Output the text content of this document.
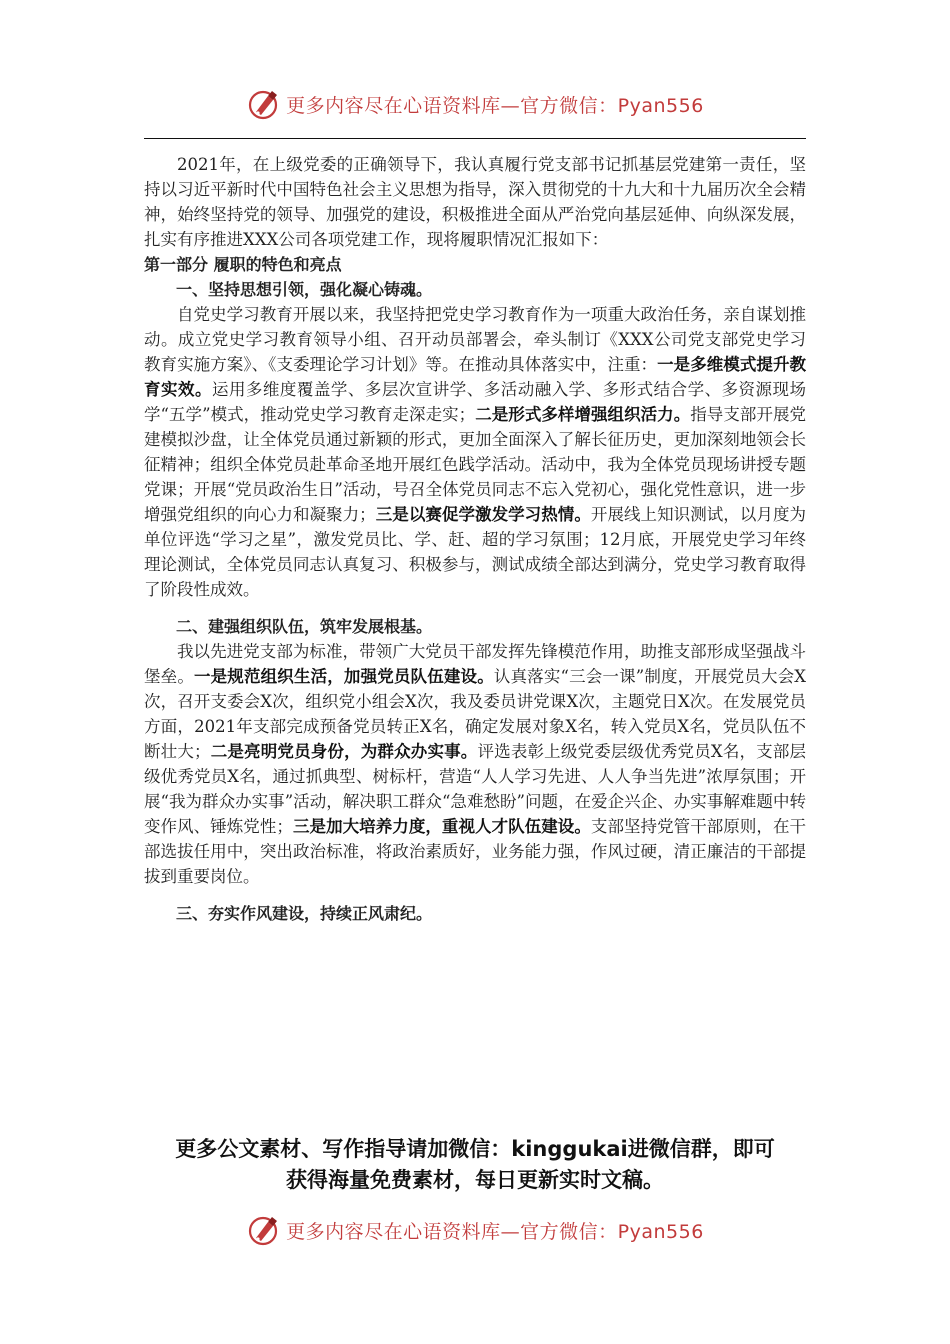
更多内容尽在心语资料库—官方微信：Pyan556

2021年，在上级党委的正确领导下，我认真履行党支部书记抓基层党建第一责任，坚持以习近平新时代中国特色社会主义思想为指导，深入贯彻党的十九大和十九届历次全会精神，始终坚持党的领导、加强党的建设，积极推进全面从严治党向基层延伸、向纵深发展，扎实有序推进XXX公司各项党建工作，现将履职情况汇报如下：

第一部分 履职的特色和亮点

一、坚持思想引领，强化凝心铸魂。

自党史学习教育开展以来，我坚持把党史学习教育作为一项重大政治任务，亲自谋划推动。成立党史学习教育领导小组、召开动员部署会，牵头制订《XXX公司党支部党史学习教育实施方案》、《支委理论学习计划》等。在推动具体落实中，注重：一是多维模式提升教育实效。运用多维度覆盖学、多层次宣讲学、多活动融入学、多形式结合学、多资源现场学“五学”模式，推动党史学习教育走深走实；二是形式多样增强组织活力。指导支部开展党建模拟沙盘，让全体党员通过新颖的形式，更加全面深入了解长征历史，更加深刻地领会长征精神；组织全体党员赴革命圣地开展红色践学活动。活动中，我为全体党员现场讲授专题党课；开展“党员政治生日”活动，号召全体党员同志不忘入党初心，强化党性意识，进一步增强党组织的向心力和凝聚力；三是以赛促学激发学习热情。开展线上知识测试，以月度为单位评选“学习之星”，激发党员比、学、赶、超的学习氛围；12月底，开展党史学习年终理论测试，全体党员同志认真复习、积极参与，测试成绩全部达到满分，党史学习教育取得了阶段性成效。

二、建强组织队伍，筑牢发展根基。

我以先进党支部为标准，带领广大党员干部发挥先锋模范作用，助推支部形成坚强战斗堡垒。一是规范组织生活，加强党员队伍建设。认真落实“三会一课”制度，开展党员大会X次，召开支委会X次，组织党小组会X次，我及委员讲党课X次，主题党日X次。在发展党员方面，2021年支部完成预备党员转正X名，确定发展对象X名，转入党员X名，党员队伍不断壮大；二是亮明党员身份，为群众办实事。评选表彰上级党委层级优秀党员X名，支部层级优秀党员X名，通过抓典型、树标杆，营造“人人学习先进、人人争当先进”浓厚氛围；开展“我为群众办实事”活动，解决职工群众“急难愁盼”问题，在爱企兴企、办实事解难题中转变作风、锤炼党性；三是加大培养力度，重视人才队伍建设。支部坚持党管干部原则，在干部选拔任用中，突出政治标准，将政治素质好，业务能力强，作风过硬，清正廉洁的干部提拔到重要岗位。

三、夯实作风建设，持续正风肃纪。

更多公文素材、写作指导请加微信：kinggukai进微信群，即可
获得海量免费素材，每日更新实时文稿。
更多内容尽在心语资料库—官方微信：Pyan556
